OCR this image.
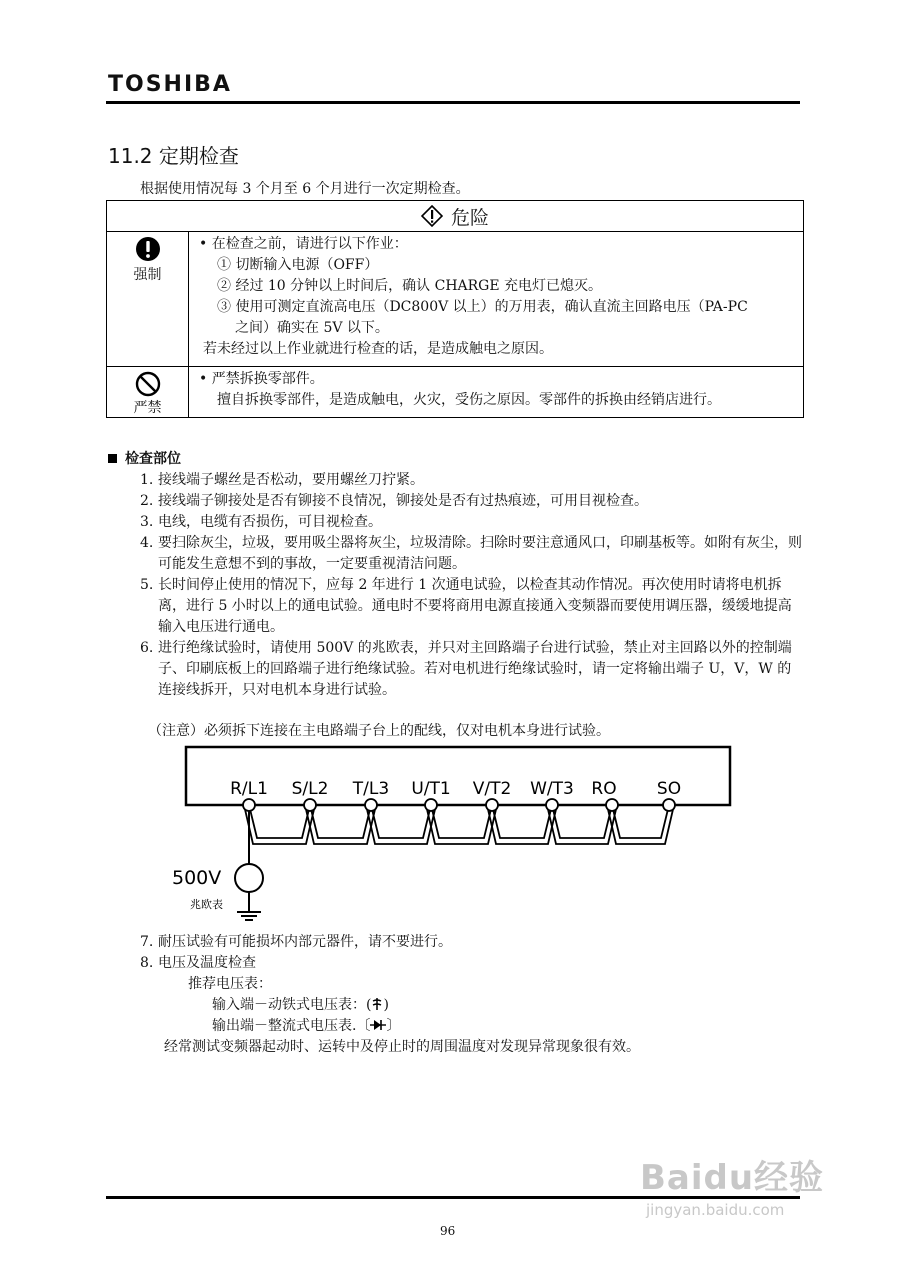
TOSHIBA
11.2 定期检查
根据使用情况每 3 个月至 6 个月进行一次定期检查。
危险
强制
• 在检查之前，请进行以下作业：
① 切断输入电源（OFF）
② 经过 10 分钟以上时间后，确认 CHARGE 充电灯已熄灭。
③ 使用可测定直流高电压（DC800V 以上）的万用表，确认直流主回路电压（PA-PC
之间）确实在 5V 以下。
若未经过以上作业就进行检查的话，是造成触电之原因。
严禁
• 严禁拆换零部件。
擅自拆换零部件，是造成触电，火灾，受伤之原因。零部件的拆换由经销店进行。
检查部位
1. 接线端子螺丝是否松动，要用螺丝刀拧紧。
2. 接线端子铆接处是否有铆接不良情况，铆接处是否有过热痕迹，可用目视检查。
3. 电线，电缆有否损伤，可目视检查。
4. 要扫除灰尘，垃圾，要用吸尘器将灰尘，垃圾清除。扫除时要注意通风口，印刷基板等。如附有灰尘，则可能发生意想不到的事故，一定要重视清洁问题。
5. 长时间停止使用的情况下，应每 2 年进行 1 次通电试验，以检查其动作情况。再次使用时请将电机拆离，进行 5 小时以上的通电试验。通电时不要将商用电源直接通入变频器而要使用调压器，缓缓地提高输入电压进行通电。
6. 进行绝缘试验时，请使用 500V 的兆欧表，并只对主回路端子台进行试验，禁止对主回路以外的控制端子、印刷底板上的回路端子进行绝缘试验。若对电机进行绝缘试验时，请一定将输出端子 U，V，W 的连接线拆开，只对电机本身进行试验。
（注意）必须拆下连接在主电路端子台上的配线，仅对电机本身进行试验。
R/L1 S/L2 T/L3 U/T1 V/T2 W/T3 RO SO
500V
兆欧表
7. 耐压试验有可能损坏内部元器件，请不要进行。
8. 电压及温度检查
推荐电压表：
输入端－动铁式电压表：( )
输出端－整流式电压表.〔 〕
经常测试变频器起动时、运转中及停止时的周围温度对发现异常现象很有效。
96
Baidu经验
jingyan.baidu.com
